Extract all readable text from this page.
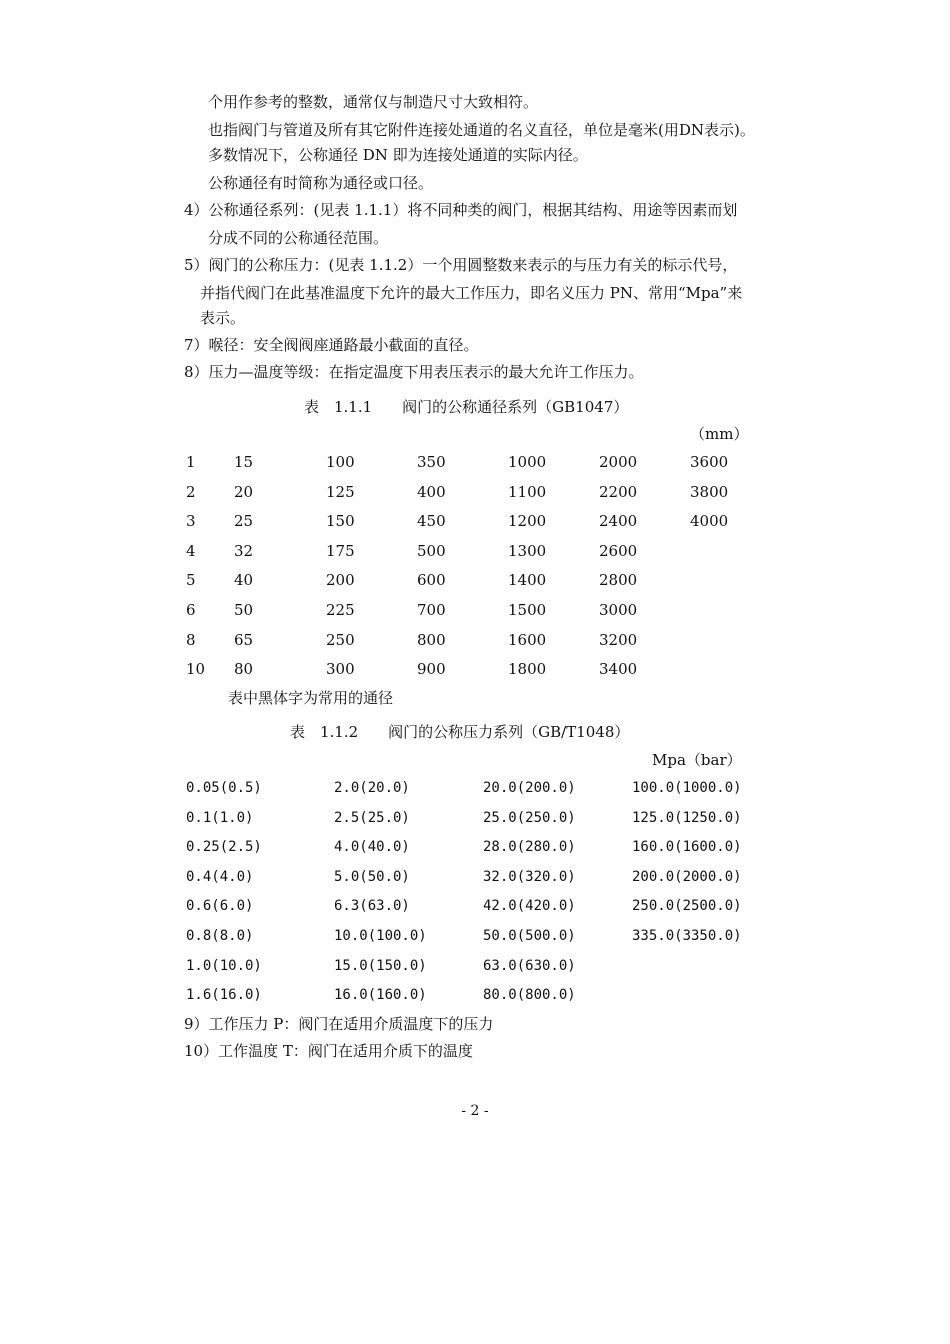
个用作参考的整数，通常仅与制造尺寸大致相符。
也指阀门与管道及所有其它附件连接处通道的名义直径，单位是毫米(用DN表示)。
多数情况下，公称通径 DN 即为连接处通道的实际内径。
公称通径有时简称为通径或口径。
4）公称通径系列：(见表 1.1.1）将不同种类的阀门，根据其结构、用途等因素而划
分成不同的公称通径范围。
5）阀门的公称压力：(见表 1.1.2）一个用圆整数来表示的与压力有关的标示代号，
并指代阀门在此基准温度下允许的最大工作压力，即名义压力 PN、常用“Mpa”来
表示。
7）喉径：安全阀阀座通路最小截面的直径。
8）压力—温度等级：在指定温度下用表压表示的最大允许工作压力。
表　1.1.1　　阀门的公称通径系列（GB1047）
（mm）
1	15	100	350	1000	2000	3600
2	20	125	400	1100	2200	3800
3	25	150	450	1200	2400	4000
4	32	175	500	1300	2600
5	40	200	600	1400	2800
6	50	225	700	1500	3000
8	65	250	800	1600	3200
10 80	300	900	1800	3400
表中黑体字为常用的通径
表　1.1.2　　阀门的公称压力系列（GB/T1048）
Mpa（bar）
0.05(0.5)	2.0(20.0)	20.0(200.0)	100.0(1000.0)
0.1(1.0)	2.5(25.0)	25.0(250.0)	125.0(1250.0)
0.25(2.5)	4.0(40.0)	28.0(280.0)	160.0(1600.0)
0.4(4.0)	5.0(50.0)	32.0(320.0)	200.0(2000.0)
0.6(6.0)	6.3(63.0)	42.0(420.0)	250.0(2500.0)
0.8(8.0)	10.0(100.0)	50.0(500.0)	335.0(3350.0)
1.0(10.0)	15.0(150.0)	63.0(630.0)
1.6(16.0)	16.0(160.0)	80.0(800.0)
9）工作压力 P：阀门在适用介质温度下的压力
10）工作温度 T：阀门在适用介质下的温度
- 2 -
